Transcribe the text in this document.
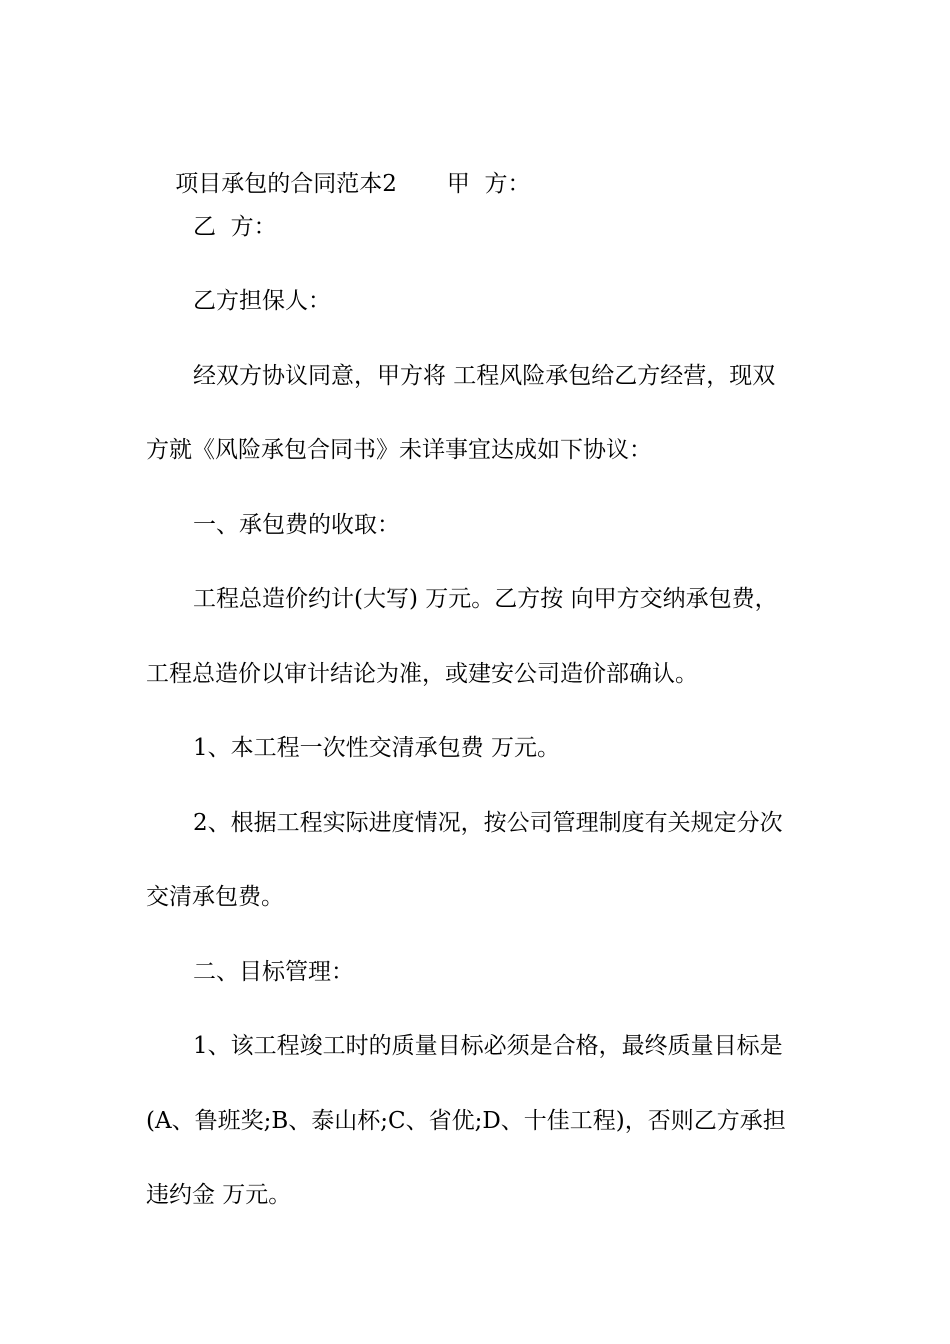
项目承包的合同范本2 甲  方：

乙  方：
乙方担保人：
经双方协议同意，甲方将 工程风险承包给乙方经营，现双
方就《风险承包合同书》未详事宜达成如下协议：
一、承包费的收取：
工程总造价约计(大写) 万元。乙方按 向甲方交纳承包费，
工程总造价以审计结论为准，或建安公司造价部确认。
1、本工程一次性交清承包费 万元。
2、根据工程实际进度情况，按公司管理制度有关规定分次
交清承包费。
二、目标管理：
1、该工程竣工时的质量目标必须是合格，最终质量目标是
(A、鲁班奖;B、泰山杯;C、省优;D、十佳工程)，否则乙方承担
违约金 万元。
